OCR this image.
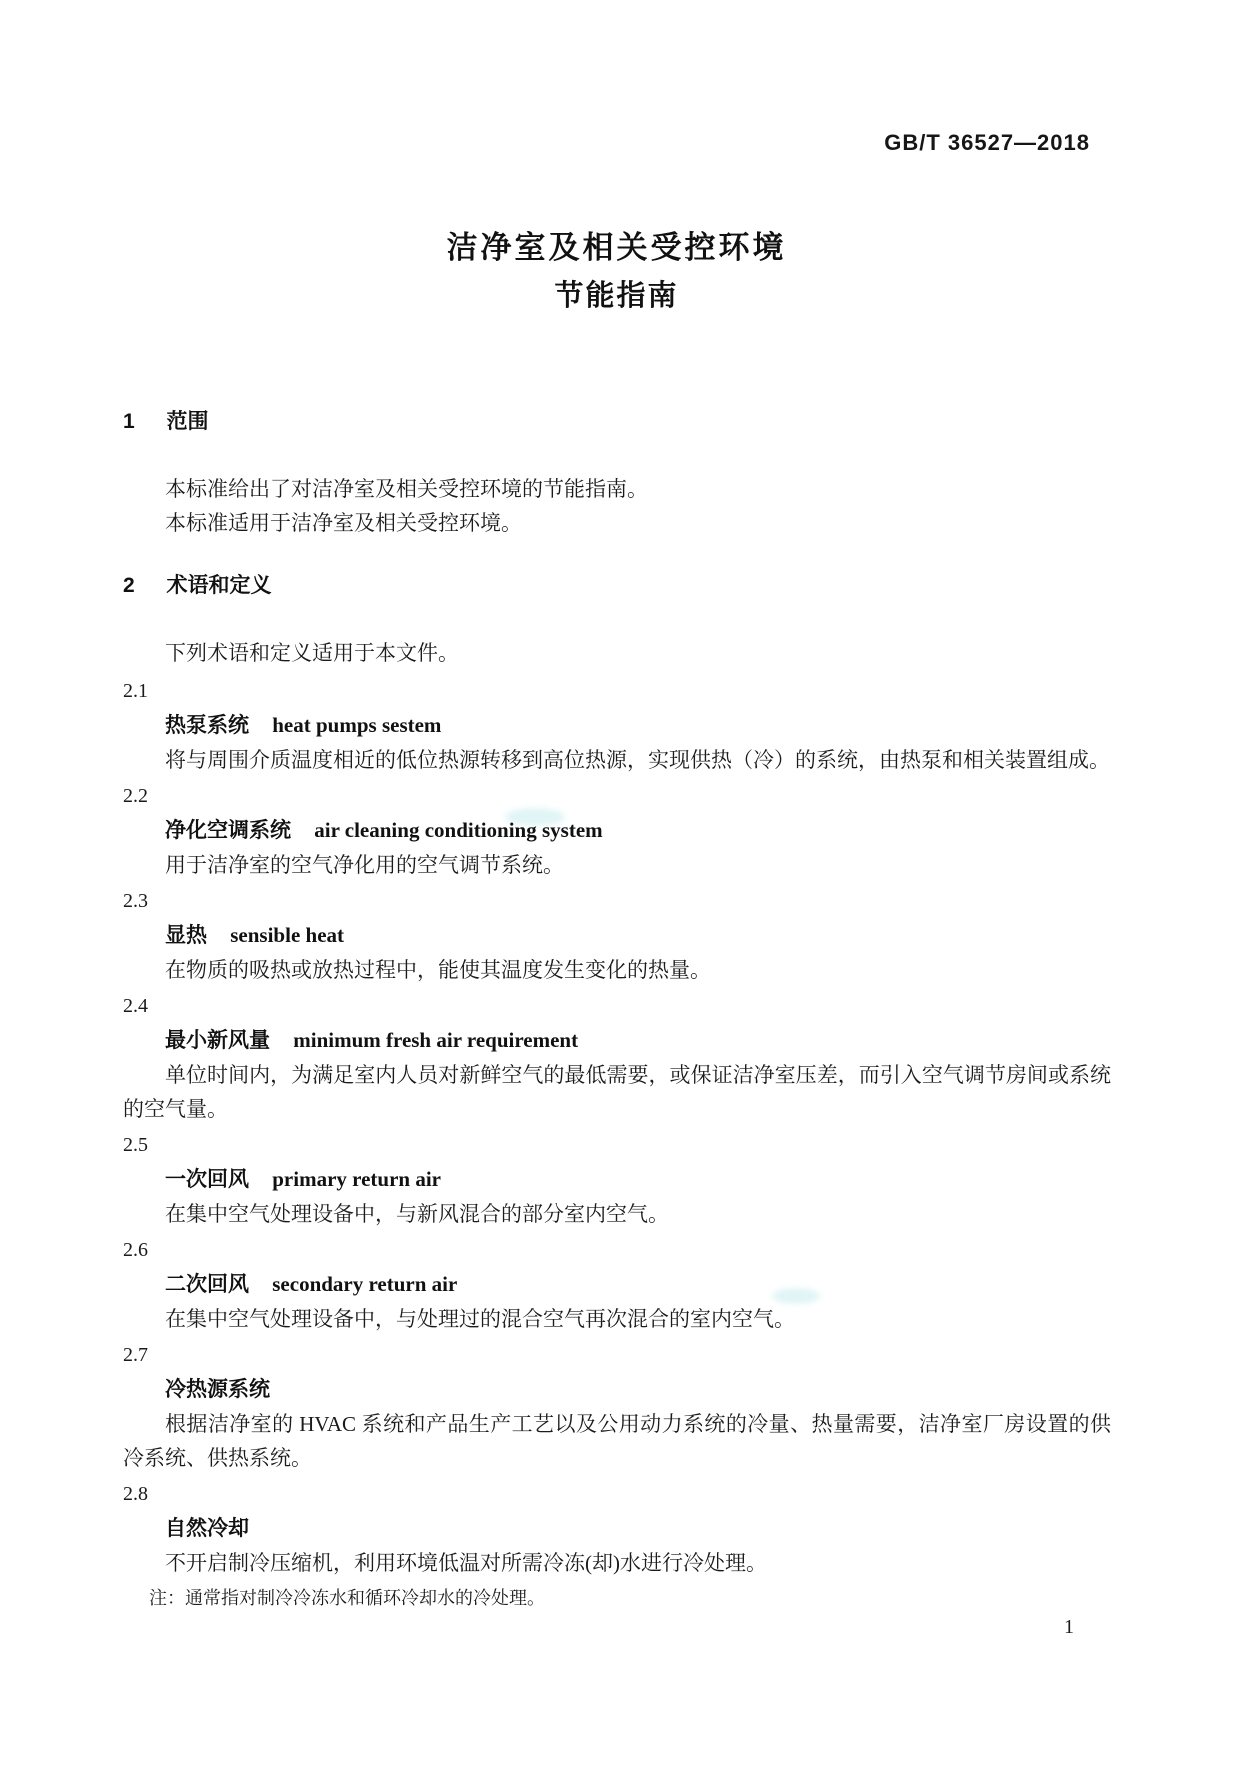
GB/T 36527—2018
洁净室及相关受控环境
节能指南
1 范围

本标准给出了对洁净室及相关受控环境的节能指南。

本标准适用于洁净室及相关受控环境。

2 术语和定义

下列术语和定义适用于本文件。

2.1
热泵系统 heat pumps sestem

将与周围介质温度相近的低位热源转移到高位热源，实现供热（冷）的系统，由热泵和相关装置组成。

2.2
净化空调系统 air cleaning conditioning system

用于洁净室的空气净化用的空气调节系统。

2.3
显热 sensible heat

在物质的吸热或放热过程中，能使其温度发生变化的热量。

2.4
最小新风量 minimum fresh air requirement

单位时间内，为满足室内人员对新鲜空气的最低需要，或保证洁净室压差，而引入空气调节房间或系统的空气量。

2.5
一次回风 primary return air

在集中空气处理设备中，与新风混合的部分室内空气。

2.6
二次回风 secondary return air

在集中空气处理设备中，与处理过的混合空气再次混合的室内空气。

2.7
冷热源系统

根据洁净室的 HVAC 系统和产品生产工艺以及公用动力系统的冷量、热量需要，洁净室厂房设置的供冷系统、供热系统。

2.8
自然冷却

不开启制冷压缩机，利用环境低温对所需冷冻(却)水进行冷处理。

注：通常指对制冷冷冻水和循环冷却水的冷处理。

1
